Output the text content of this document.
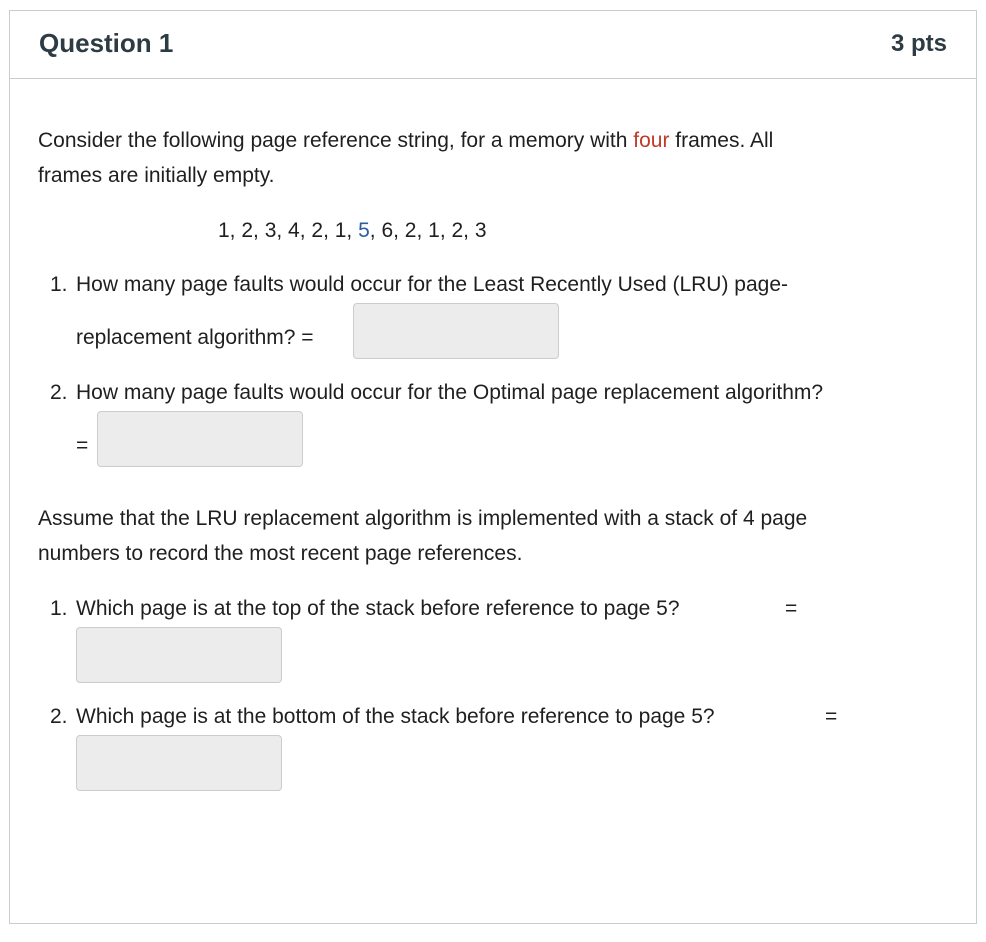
Question 1	3 pts
Consider the following page reference string, for a memory with four frames. All
frames are initially empty.
1, 2, 3, 4, 2, 1, 5, 6, 2, 1, 2, 3
1. How many page faults would occur for the Least Recently Used (LRU) page-
replacement algorithm? =
2. How many page faults would occur for the Optimal page replacement algorithm?
=
Assume that the LRU replacement algorithm is implemented with a stack of 4 page
numbers to record the most recent page references.
1. Which page is at the top of the stack before reference to page 5?	=
2. Which page is at the bottom of the stack before reference to page 5?	=
